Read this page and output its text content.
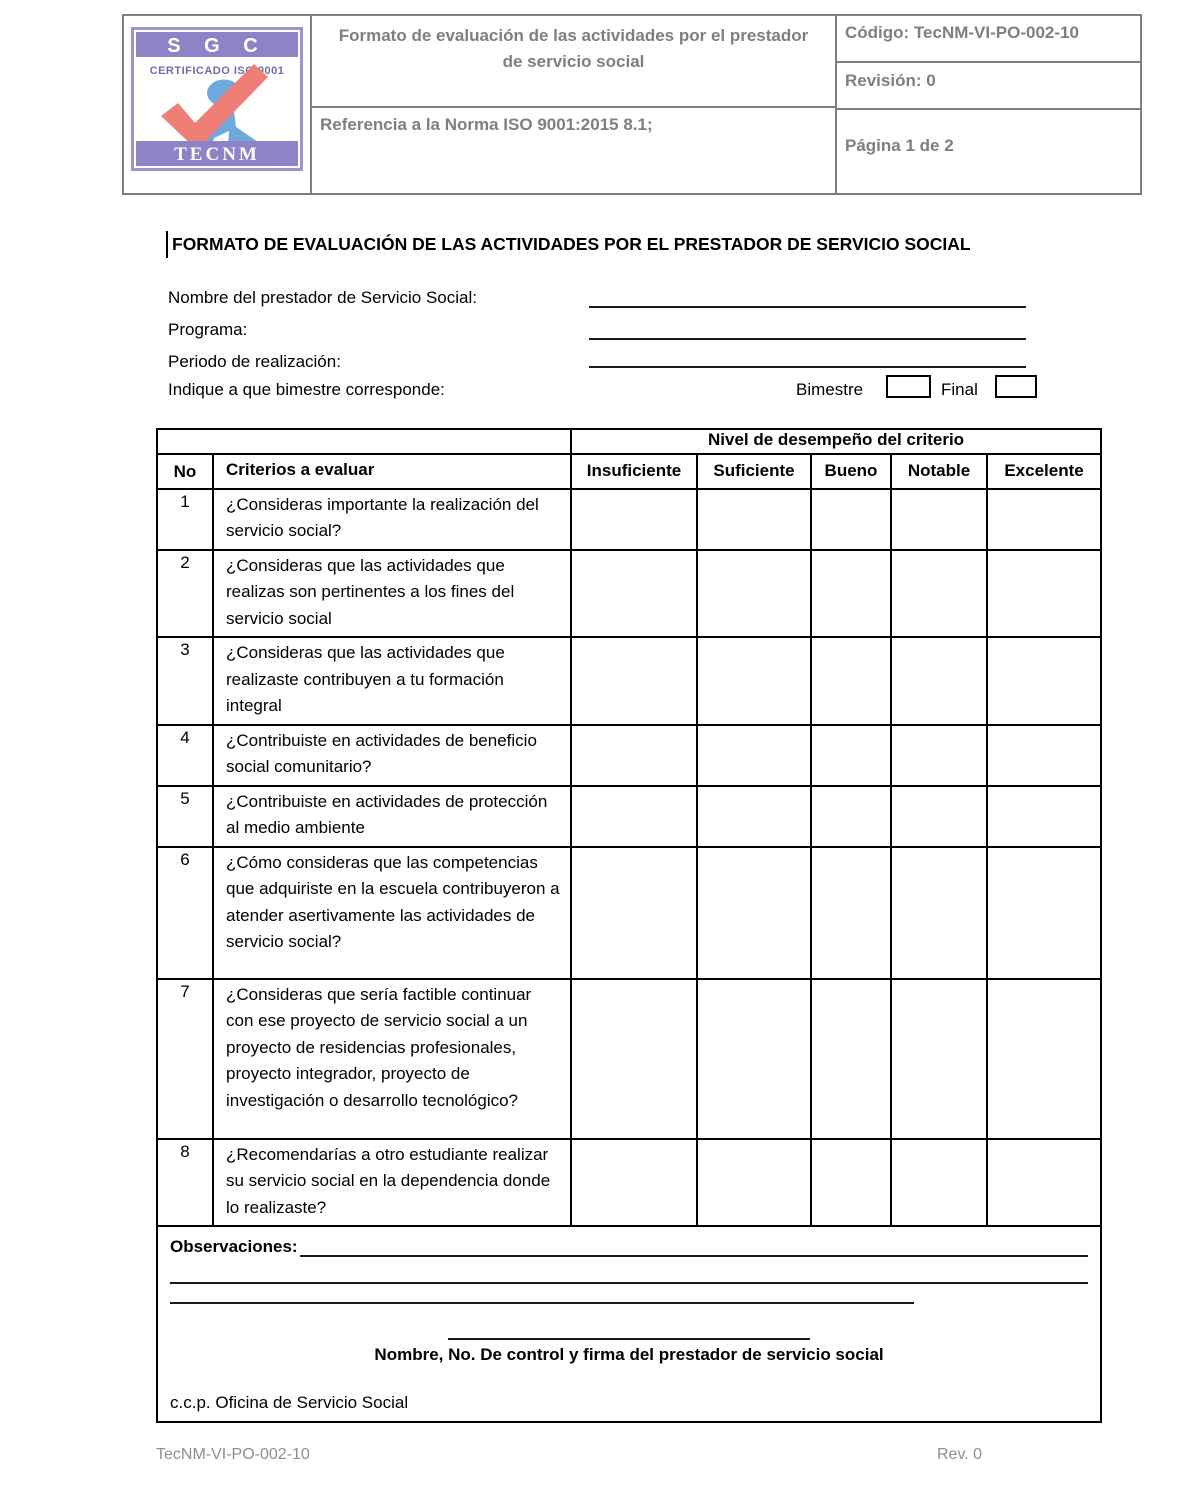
S G C
CERTIFICADO ISO 9001
TECNM
Formato de evaluación de las actividades por el prestador de servicio social
Referencia a la Norma ISO 9001:2015 8.1;
Código: TecNM-VI-PO-002-10
Revisión: 0
Página 1 de 2
FORMATO DE EVALUACIÓN DE LAS ACTIVIDADES POR EL PRESTADOR DE SERVICIO SOCIAL
Nombre del prestador de Servicio Social:
Programa:
Periodo de realización:
Indique a que bimestre corresponde:	Bimestre	Final
		Nivel de desempeño del criterio				
No	Criterios a evaluar	Insuficiente	Suficiente	Bueno	Notable	Excelente
1	¿Consideras importante la realización del servicio social?					
2	¿Consideras que las actividades que realizas son pertinentes a los fines del servicio social					
3	¿Consideras que las actividades que realizaste contribuyen a tu formación integral					
4	¿Contribuiste en actividades de beneficio social comunitario?					
5	¿Contribuiste en actividades de protección al medio ambiente					
6	¿Cómo consideras que las competencias que adquiriste en la escuela contribuyeron a atender asertivamente las actividades de servicio social?					
7	¿Consideras que sería factible continuar con ese proyecto de servicio social a un proyecto de residencias profesionales, proyecto integrador, proyecto de investigación o desarrollo tecnológico?					
8	¿Recomendarías a otro estudiante realizar su servicio social en la dependencia donde lo realizaste?					

Observaciones:
Nombre, No. De control y firma del prestador de servicio social
c.c.p. Oficina de Servicio Social						
TecNM-VI-PO-002-10	Rev. 0
